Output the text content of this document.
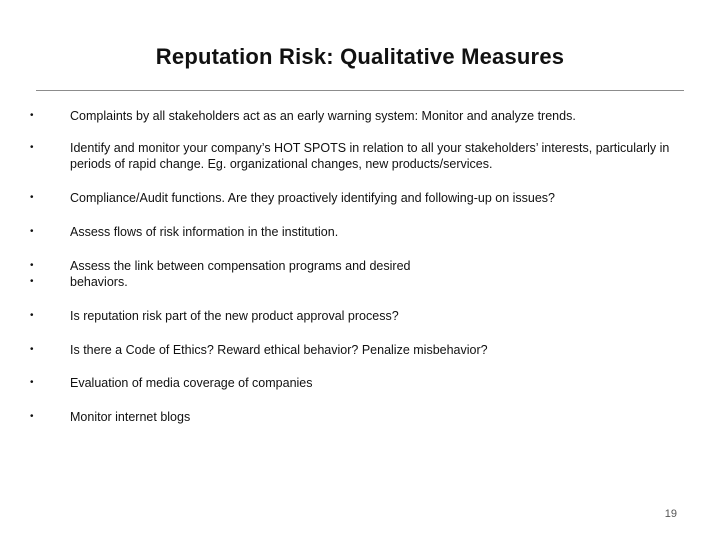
Reputation Risk: Qualitative Measures
•	Complaints by all stakeholders act as an early warning system: Monitor and analyze trends.
•	Identify and monitor your company’s HOT SPOTS in relation to all your stakeholders’ interests, particularly in periods of rapid change. Eg. organizational changes, new products/services.
•	Compliance/Audit functions. Are they proactively identifying and following-up on issues?
•	Assess flows of risk information in the institution.
•
•
Assess the link between compensation programs and desired behaviors.
•	Is reputation risk part of the new product approval process?
•	Is there a Code of Ethics? Reward ethical behavior? Penalize misbehavior?
•	Evaluation of media coverage of companies
•	Monitor internet blogs
19
